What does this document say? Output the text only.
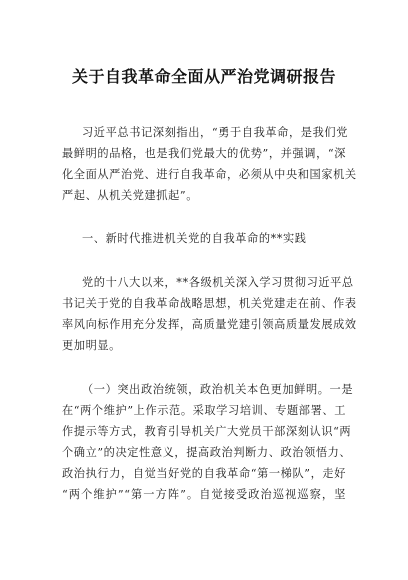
关于自我革命全面从严治党调研报告
习近平总书记深刻指出，“勇于自我革命，是我们党
最鲜明的品格，也是我们党最大的优势”，并强调，“深
化全面从严治党、进行自我革命，必须从中央和国家机关
严起、从机关党建抓起”。
一、新时代推进机关党的自我革命的**实践
党的十八大以来，**各级机关深入学习贯彻习近平总
书记关于党的自我革命战略思想，机关党建走在前、作表
率风向标作用充分发挥，高质量党建引领高质量发展成效
更加明显。
（一）突出政治统领，政治机关本色更加鲜明。一是
在“两个维护”上作示范。采取学习培训、专题部署、工
作提示等方式，教育引导机关广大党员干部深刻认识“两
个确立”的决定性意义，提高政治判断力、政治领悟力、
政治执行力，自觉当好党的自我革命“第一梯队”，走好
“两个维护”“第一方阵”。自觉接受政治巡视巡察，坚
